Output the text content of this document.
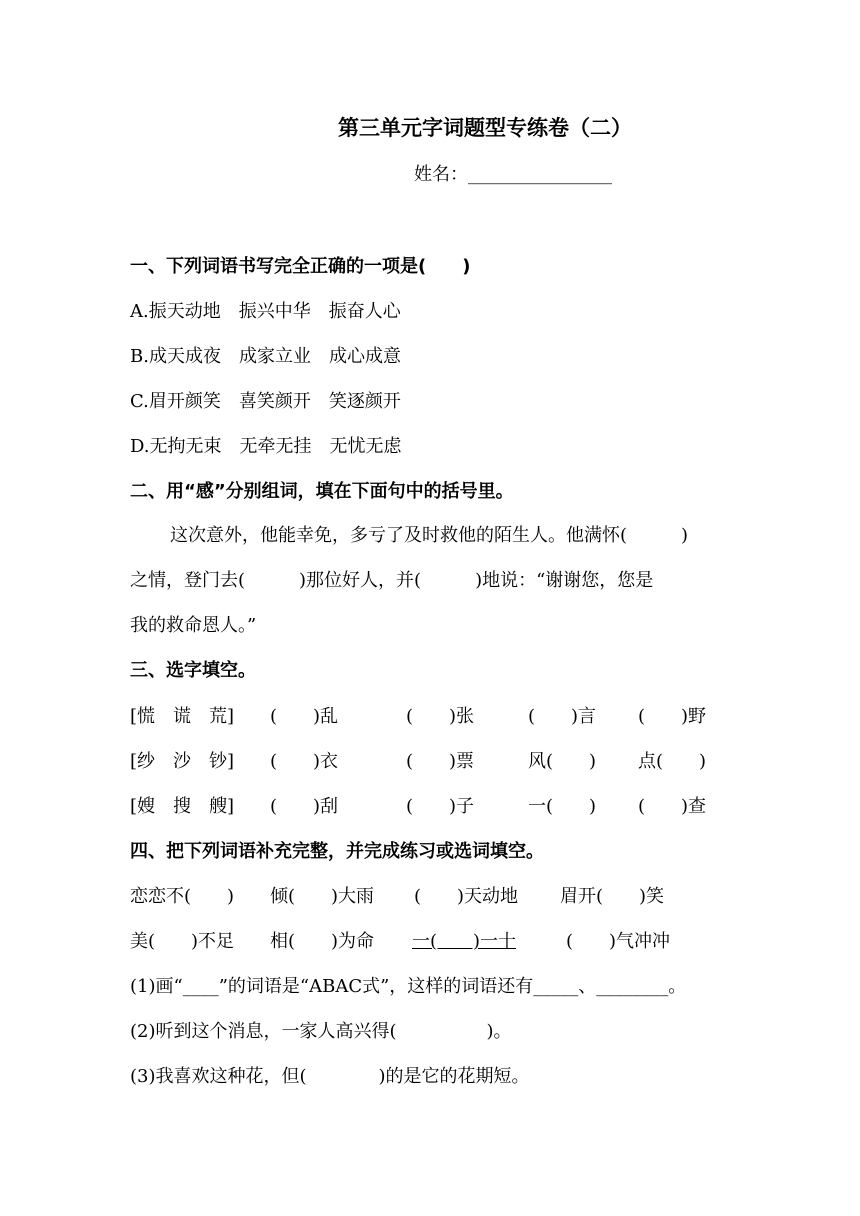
第三单元字词题型专练卷（二）
姓名：________________
一、下列词语书写完全正确的一项是(　　)
A.振天动地　振兴中华　振奋人心
B.成天成夜　成家立业　成心成意
C.眉开颜笑　喜笑颜开　笑逐颜开
D.无拘无束　无牵无挂　无忧无虑
二、用“感”分别组词，填在下面句中的括号里。
这次意外，他能幸免，多亏了及时救他的陌生人。他满怀(　　　)
之情，登门去(　　　)那位好人，并(　　　)地说：“谢谢您，您是
我的救命恩人。”
三、选字填空。
[慌　谎　荒]	(　　)乱	(　　)张	(　　)言	(　　)野
[纱　沙　钞]	(　　)衣	(　　)票	风(　　)	点(　　)
[嫂　搜　艘]	(　　)刮	(　　)子	一(　　)	(　　)查
四、把下列词语补充完整，并完成练习或选词填空。
恋恋不(　　)	倾(　　)大雨	(　　)天动地	眉开(　　)笑
美(　　)不足	相(　　)为命	一(　　)一十	(　　)气冲冲
(1)画“____”的词语是“ABAC式”，这样的词语还有_____、________。
(2)听到这个消息，一家人高兴得(　　　　　)。
(3)我喜欢这种花，但(　　　　)的是它的花期短。
